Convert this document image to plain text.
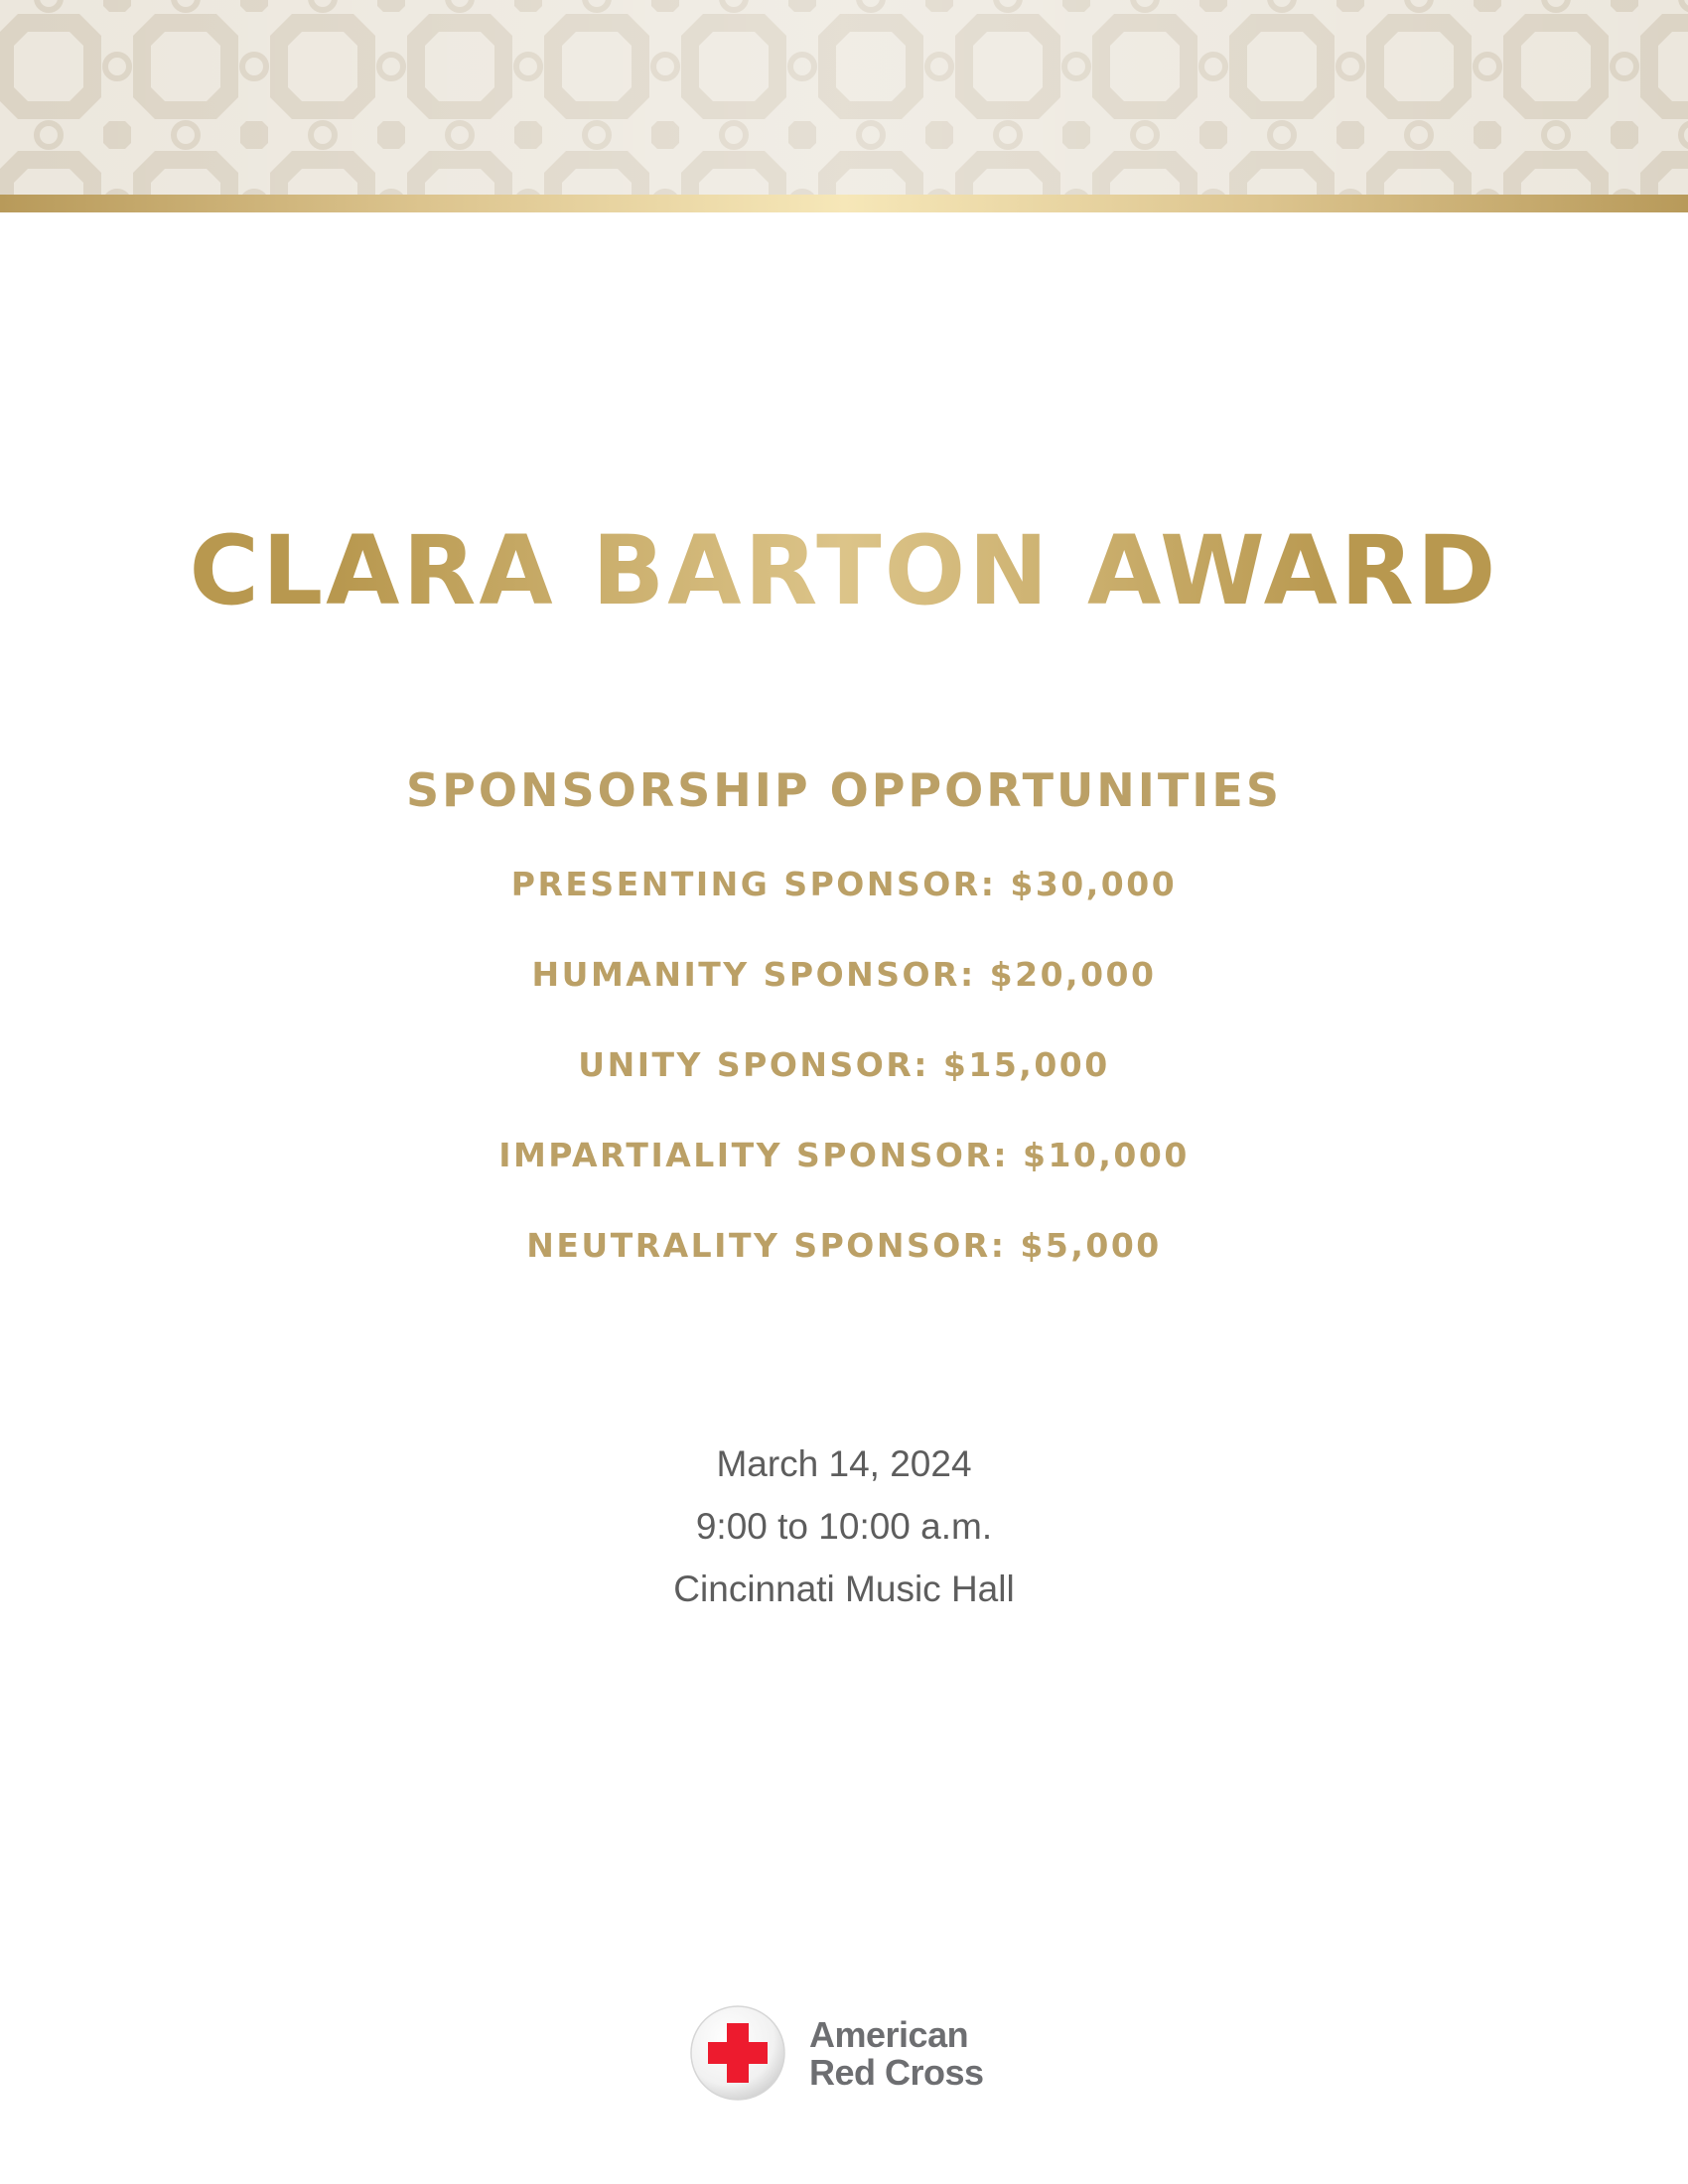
CLARA BARTON AWARD
SPONSORSHIP OPPORTUNITIES
PRESENTING SPONSOR: $30,000
HUMANITY SPONSOR: $20,000
UNITY SPONSOR: $15,000
IMPARTIALITY SPONSOR: $10,000
NEUTRALITY SPONSOR: $5,000
March 14, 2024
9:00 to 10:00 a.m.
Cincinnati Music Hall
American
Red Cross
